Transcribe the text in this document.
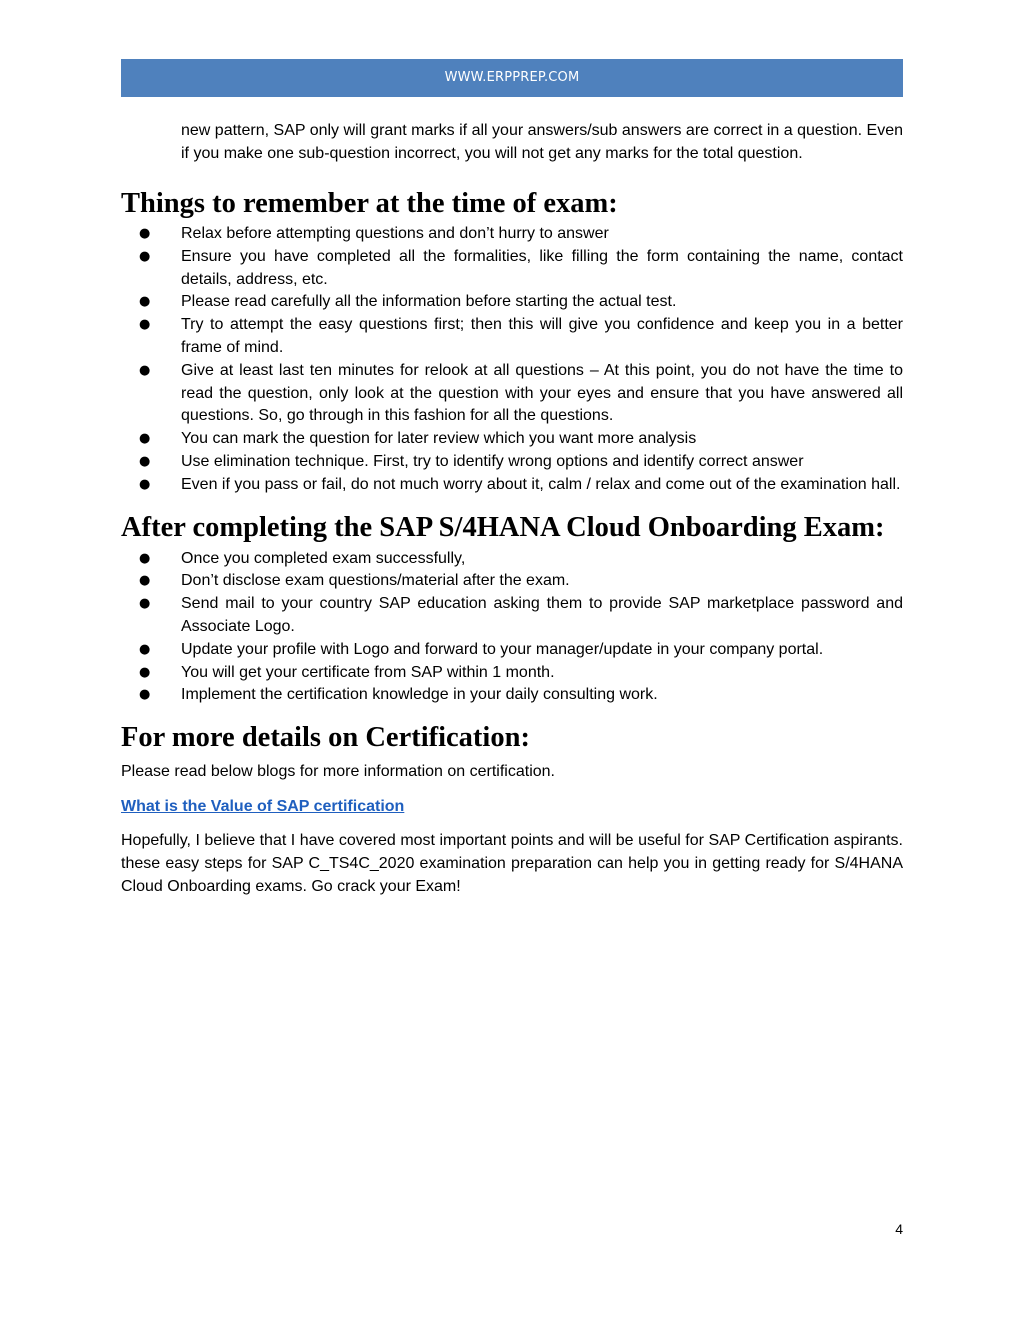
WWW.ERPPREP.COM

new pattern, SAP only will grant marks if all your answers/sub answers are correct in a question. Even if you make one sub-question incorrect, you will not get any marks for the total question.

Things to remember at the time of exam:
● Relax before attempting questions and don’t hurry to answer
● Ensure you have completed all the formalities, like filling the form containing the name, contact details, address, etc.
● Please read carefully all the information before starting the actual test.
● Try to attempt the easy questions first; then this will give you confidence and keep you in a better frame of mind.
● Give at least last ten minutes for relook at all questions – At this point, you do not have the time to read the question, only look at the question with your eyes and ensure that you have answered all questions. So, go through in this fashion for all the questions.
● You can mark the question for later review which you want more analysis
● Use elimination technique. First, try to identify wrong options and identify correct answer
● Even if you pass or fail, do not much worry about it, calm / relax and come out of the examination hall.
After completing the SAP S/4HANA Cloud Onboarding Exam:
● Once you completed exam successfully,
● Don’t disclose exam questions/material after the exam.
● Send mail to your country SAP education asking them to provide SAP marketplace password and Associate Logo.
● Update your profile with Logo and forward to your manager/update in your company portal.
● You will get your certificate from SAP within 1 month.
● Implement the certification knowledge in your daily consulting work.
For more details on Certification:

Please read below blogs for more information on certification.

What is the Value of SAP certification

Hopefully, I believe that I have covered most important points and will be useful for SAP Certification aspirants. these easy steps for SAP C_TS4C_2020 examination preparation can help you in getting ready for S/4HANA Cloud Onboarding exams. Go crack your Exam!

4
